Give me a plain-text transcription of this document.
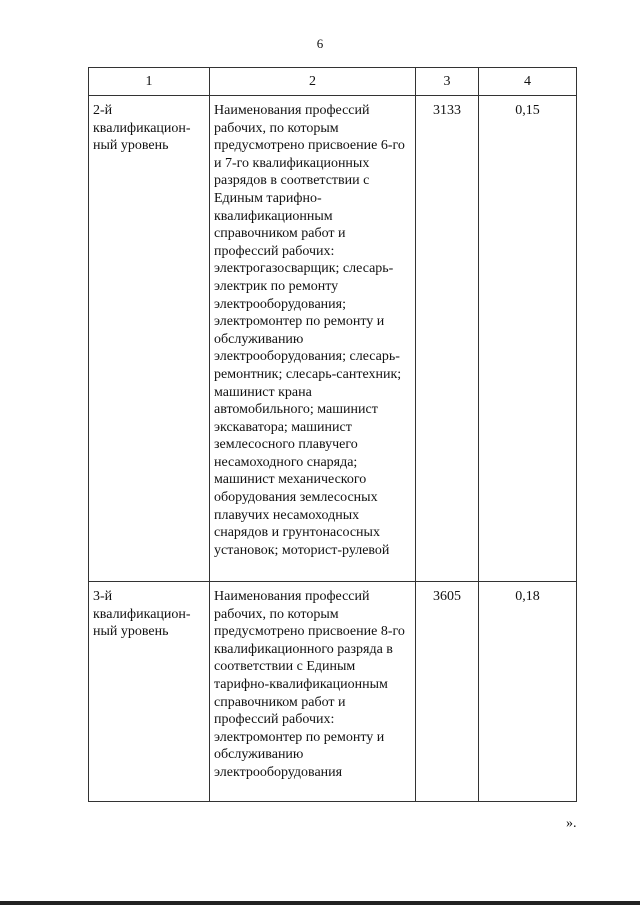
6
1	2	3	4
2-й квалификацион-ный уровень	Наименования профессий рабочих, по которым предусмотрено присвоение 6-го и 7-го квалификационных разрядов в соответствии с Единым тарифно-квалификационным справочником работ и профессий рабочих: электрогазосварщик; слесарь-электрик по ремонту электрооборудования; электромонтер по ремонту и обслуживанию электрооборудования; слесарь-ремонтник; слесарь-сантехник; машинист крана автомобильного; машинист экскаватора; машинист землесосного плавучего несамоходного снаряда; машинист механического оборудования землесосных плавучих несамоходных снарядов и грунтонасосных установок; моторист-рулевой	3133	0,15
3-й квалификацион-ный уровень	Наименования профессий рабочих, по которым предусмотрено присвоение 8-го квалификационного разряда в соответствии с Единым тарифно-квалификационным справочником работ и профессий рабочих: электромонтер по ремонту и обслуживанию электрооборудования	3605	0,18
».
